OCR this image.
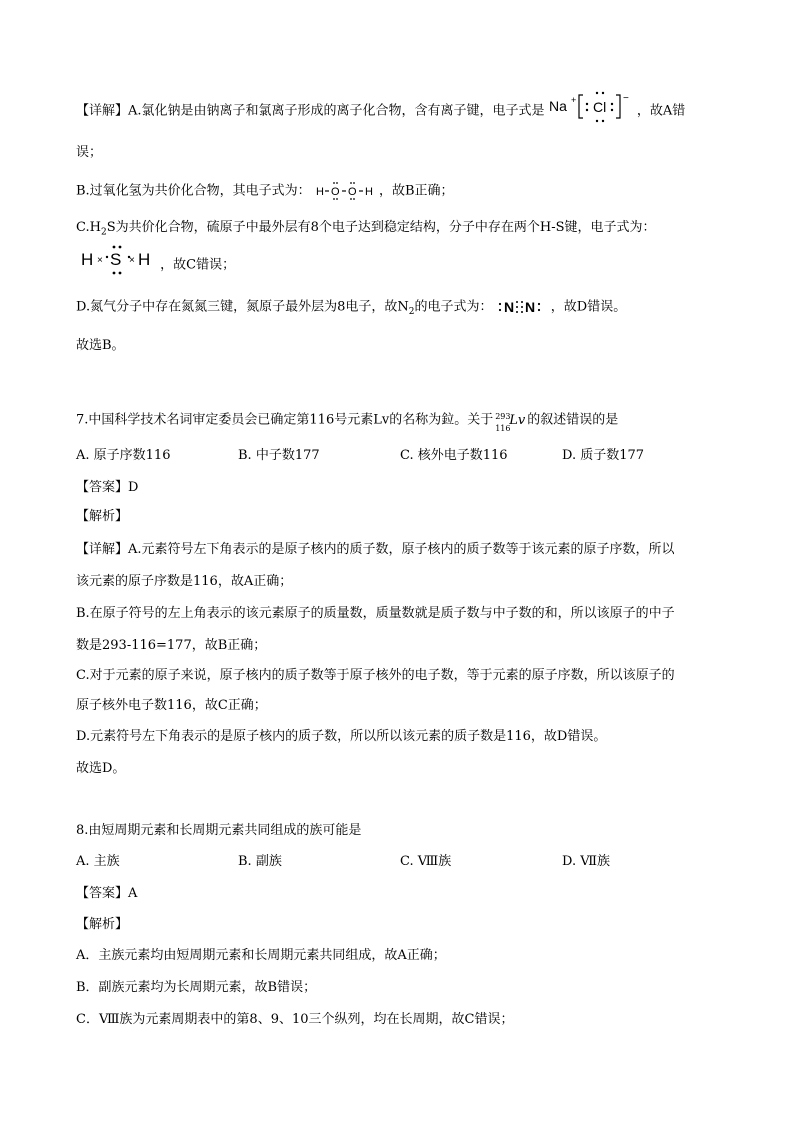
【详解】A.氯化钠是由钠离子和氯离子形成的离子化合物，含有离子键，电子式是 Na + Cl
−
，故A错
误；
B.过氧化氢为共价化合物，其电子式为： H O O H ，故B正确；
$C.H_2S$为共价化合物，硫原子中最外层有8个电子达到稳定结构，分子中存在两个H-S键，电子式为：
H × S × H ，故C错误；
D.氮气分子中存在氮氮三键，氮原子最外层为8电子，故$N_2$的电子式为： N N ，故D错误。
故选B。
7.中国科学技术名词审定委员会已确定第116号元素Lv的名称为鉝。关于 293
116
Lv 的叙述错误的是
A. 原子序数116	B. 中子数177	C. 核外电子数116	D. 质子数177
【答案】D
【解析】
【详解】A.元素符号左下角表示的是原子核内的质子数，原子核内的质子数等于该元素的原子序数，所以
该元素的原子序数是116，故A正确；
B.在原子符号的左上角表示的该元素原子的质量数，质量数就是质子数与中子数的和，所以该原子的中子
数是293-116=177，故B正确；
C.对于元素的原子来说，原子核内的质子数等于原子核外的电子数，等于元素的原子序数，所以该原子的
原子核外电子数116，故C正确；
D.元素符号左下角表示的是原子核内的质子数，所以所以该元素的质子数是116，故D错误。
故选D。
8.由短周期元素和长周期元素共同组成的族可能是
A. 主族	B. 副族	C. Ⅷ族	D. Ⅶ族
【答案】A
【解析】
A．主族元素均由短周期元素和长周期元素共同组成，故A正确；
B．副族元素均为长周期元素，故B错误；
C．Ⅷ族为元素周期表中的第8、9、10三个纵列，均在长周期，故C错误；
